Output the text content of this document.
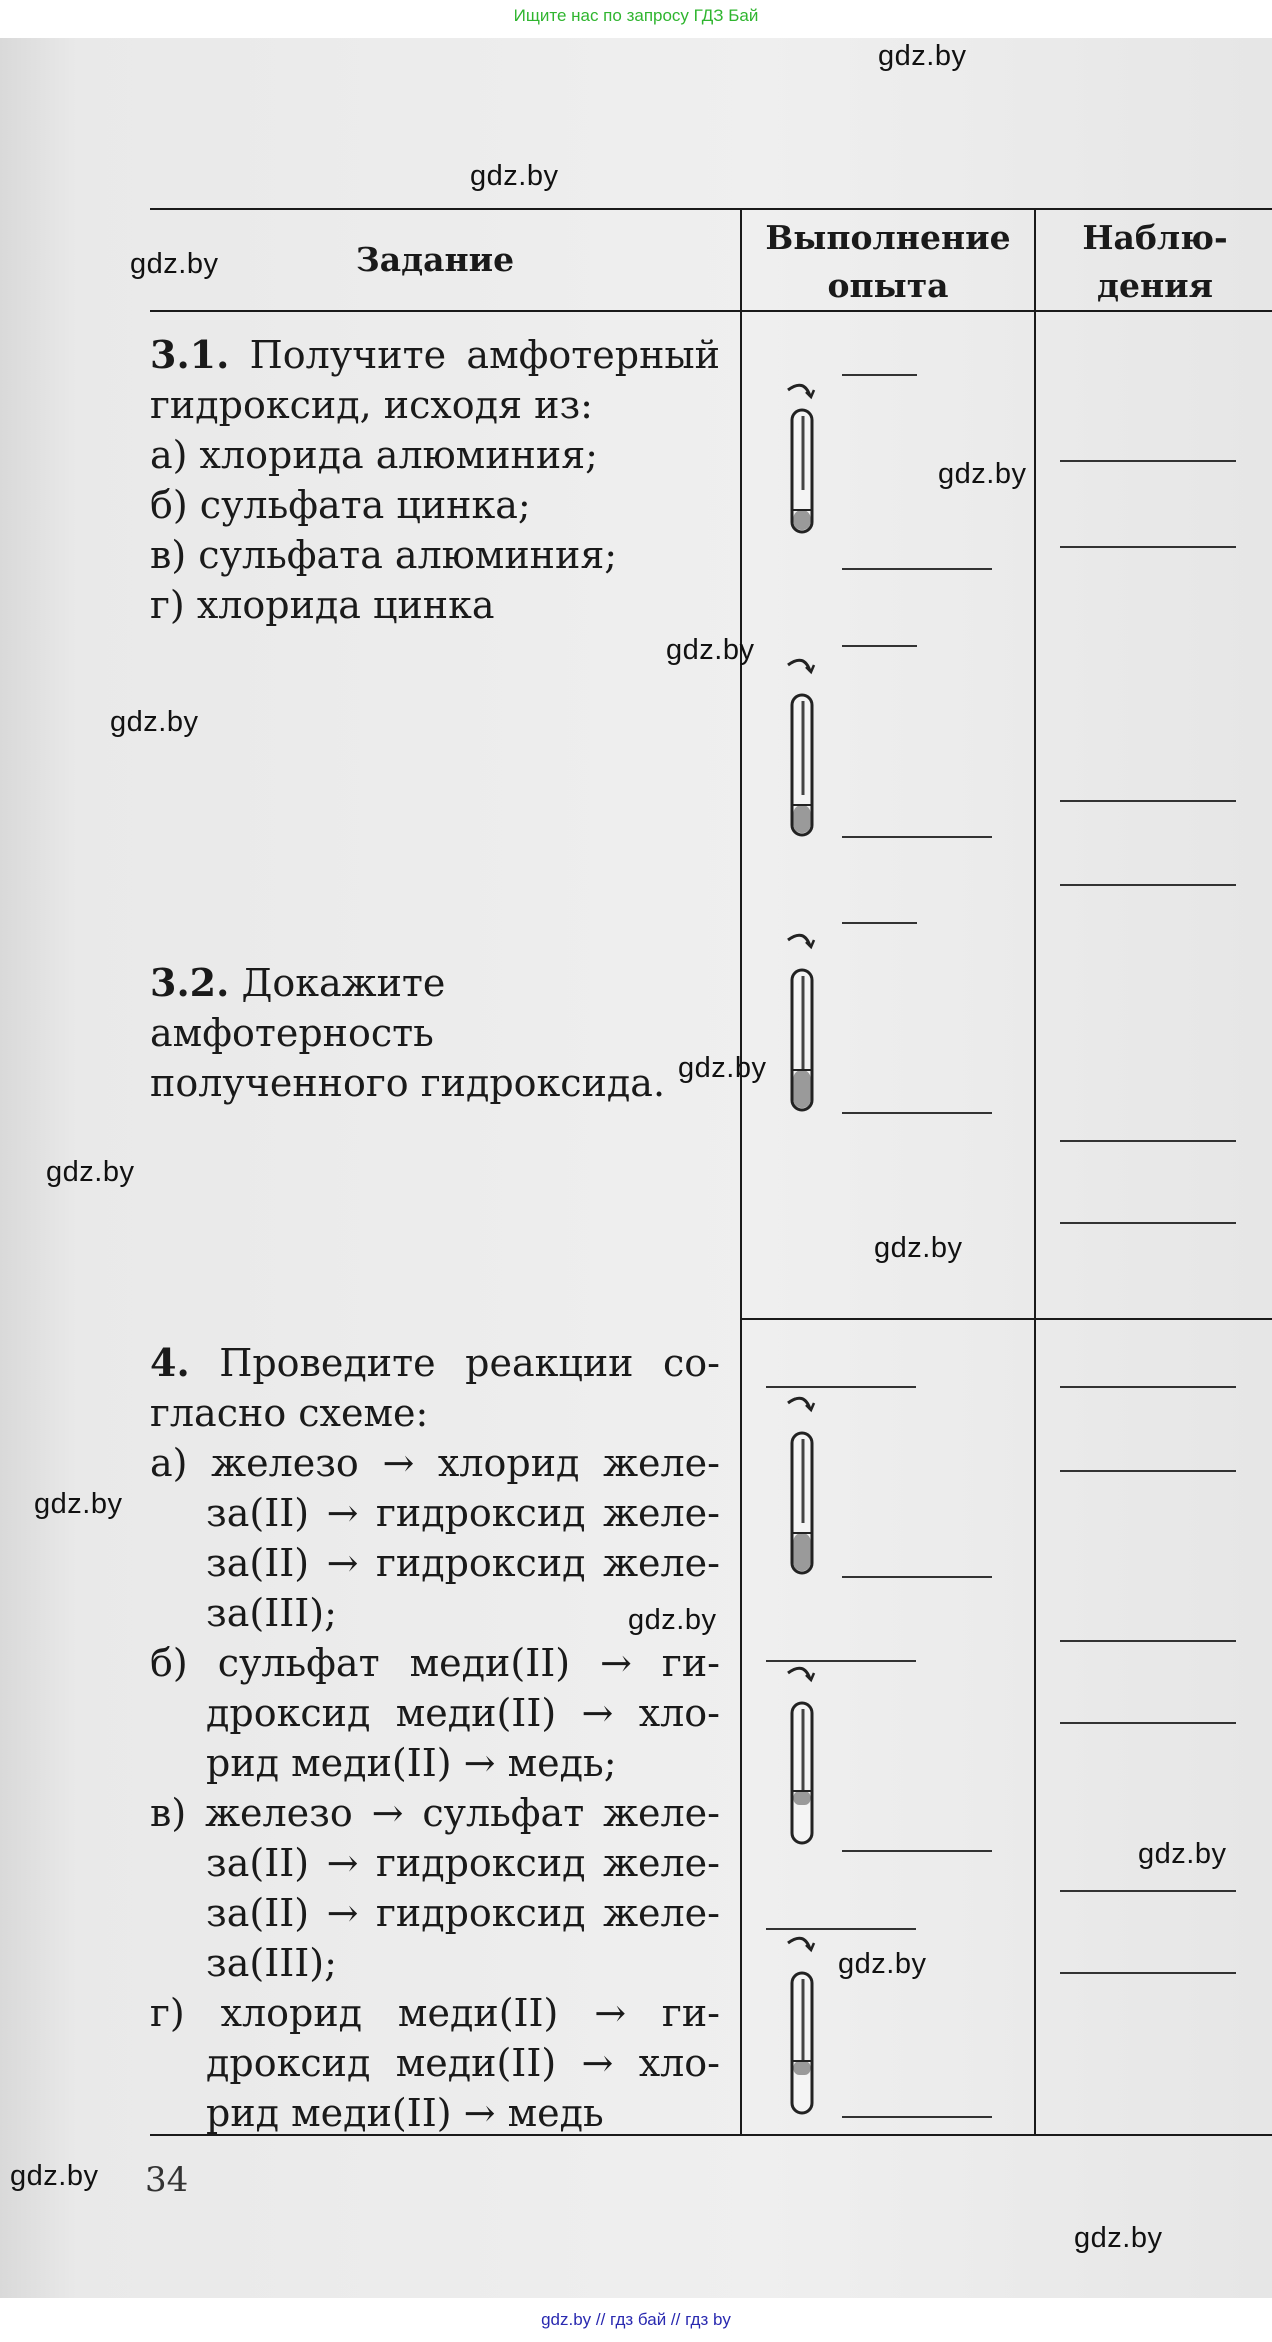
Ищите нас по запросу ГДЗ Бай
Задание
Выполнение
опыта
Наблю-
дения
3.1. Получите амфотерный
гидроксид, исходя из:
а) хлорида алюминия;
б) сульфата цинка;
в) сульфата алюминия;
г) хлорида цинка
3.2. Докажите амфотерность
полученного гидроксида.
4. Проведите реакции со-
гласно схеме:
а) железо → хлорид желе-
за(II) → гидроксид желе-
за(II) → гидроксид желе-
за(III);
б) сульфат меди(II) → ги-
дроксид меди(II) → хло-
рид меди(II) → медь;
в) железо → сульфат желе-
за(II) → гидроксид желе-
за(II) → гидроксид желе-
за(III);
г) хлорид меди(II) → ги-
дроксид меди(II) → хло-
рид меди(II) → медь
34
gdz.by
gdz.by
gdz.by
gdz.by
gdz.by
gdz.by
gdz.by
gdz.by
gdz.by
gdz.by
gdz.by
gdz.by
gdz.by
gdz.by
gdz.by
gdz.by // гдз бай // гдз by
